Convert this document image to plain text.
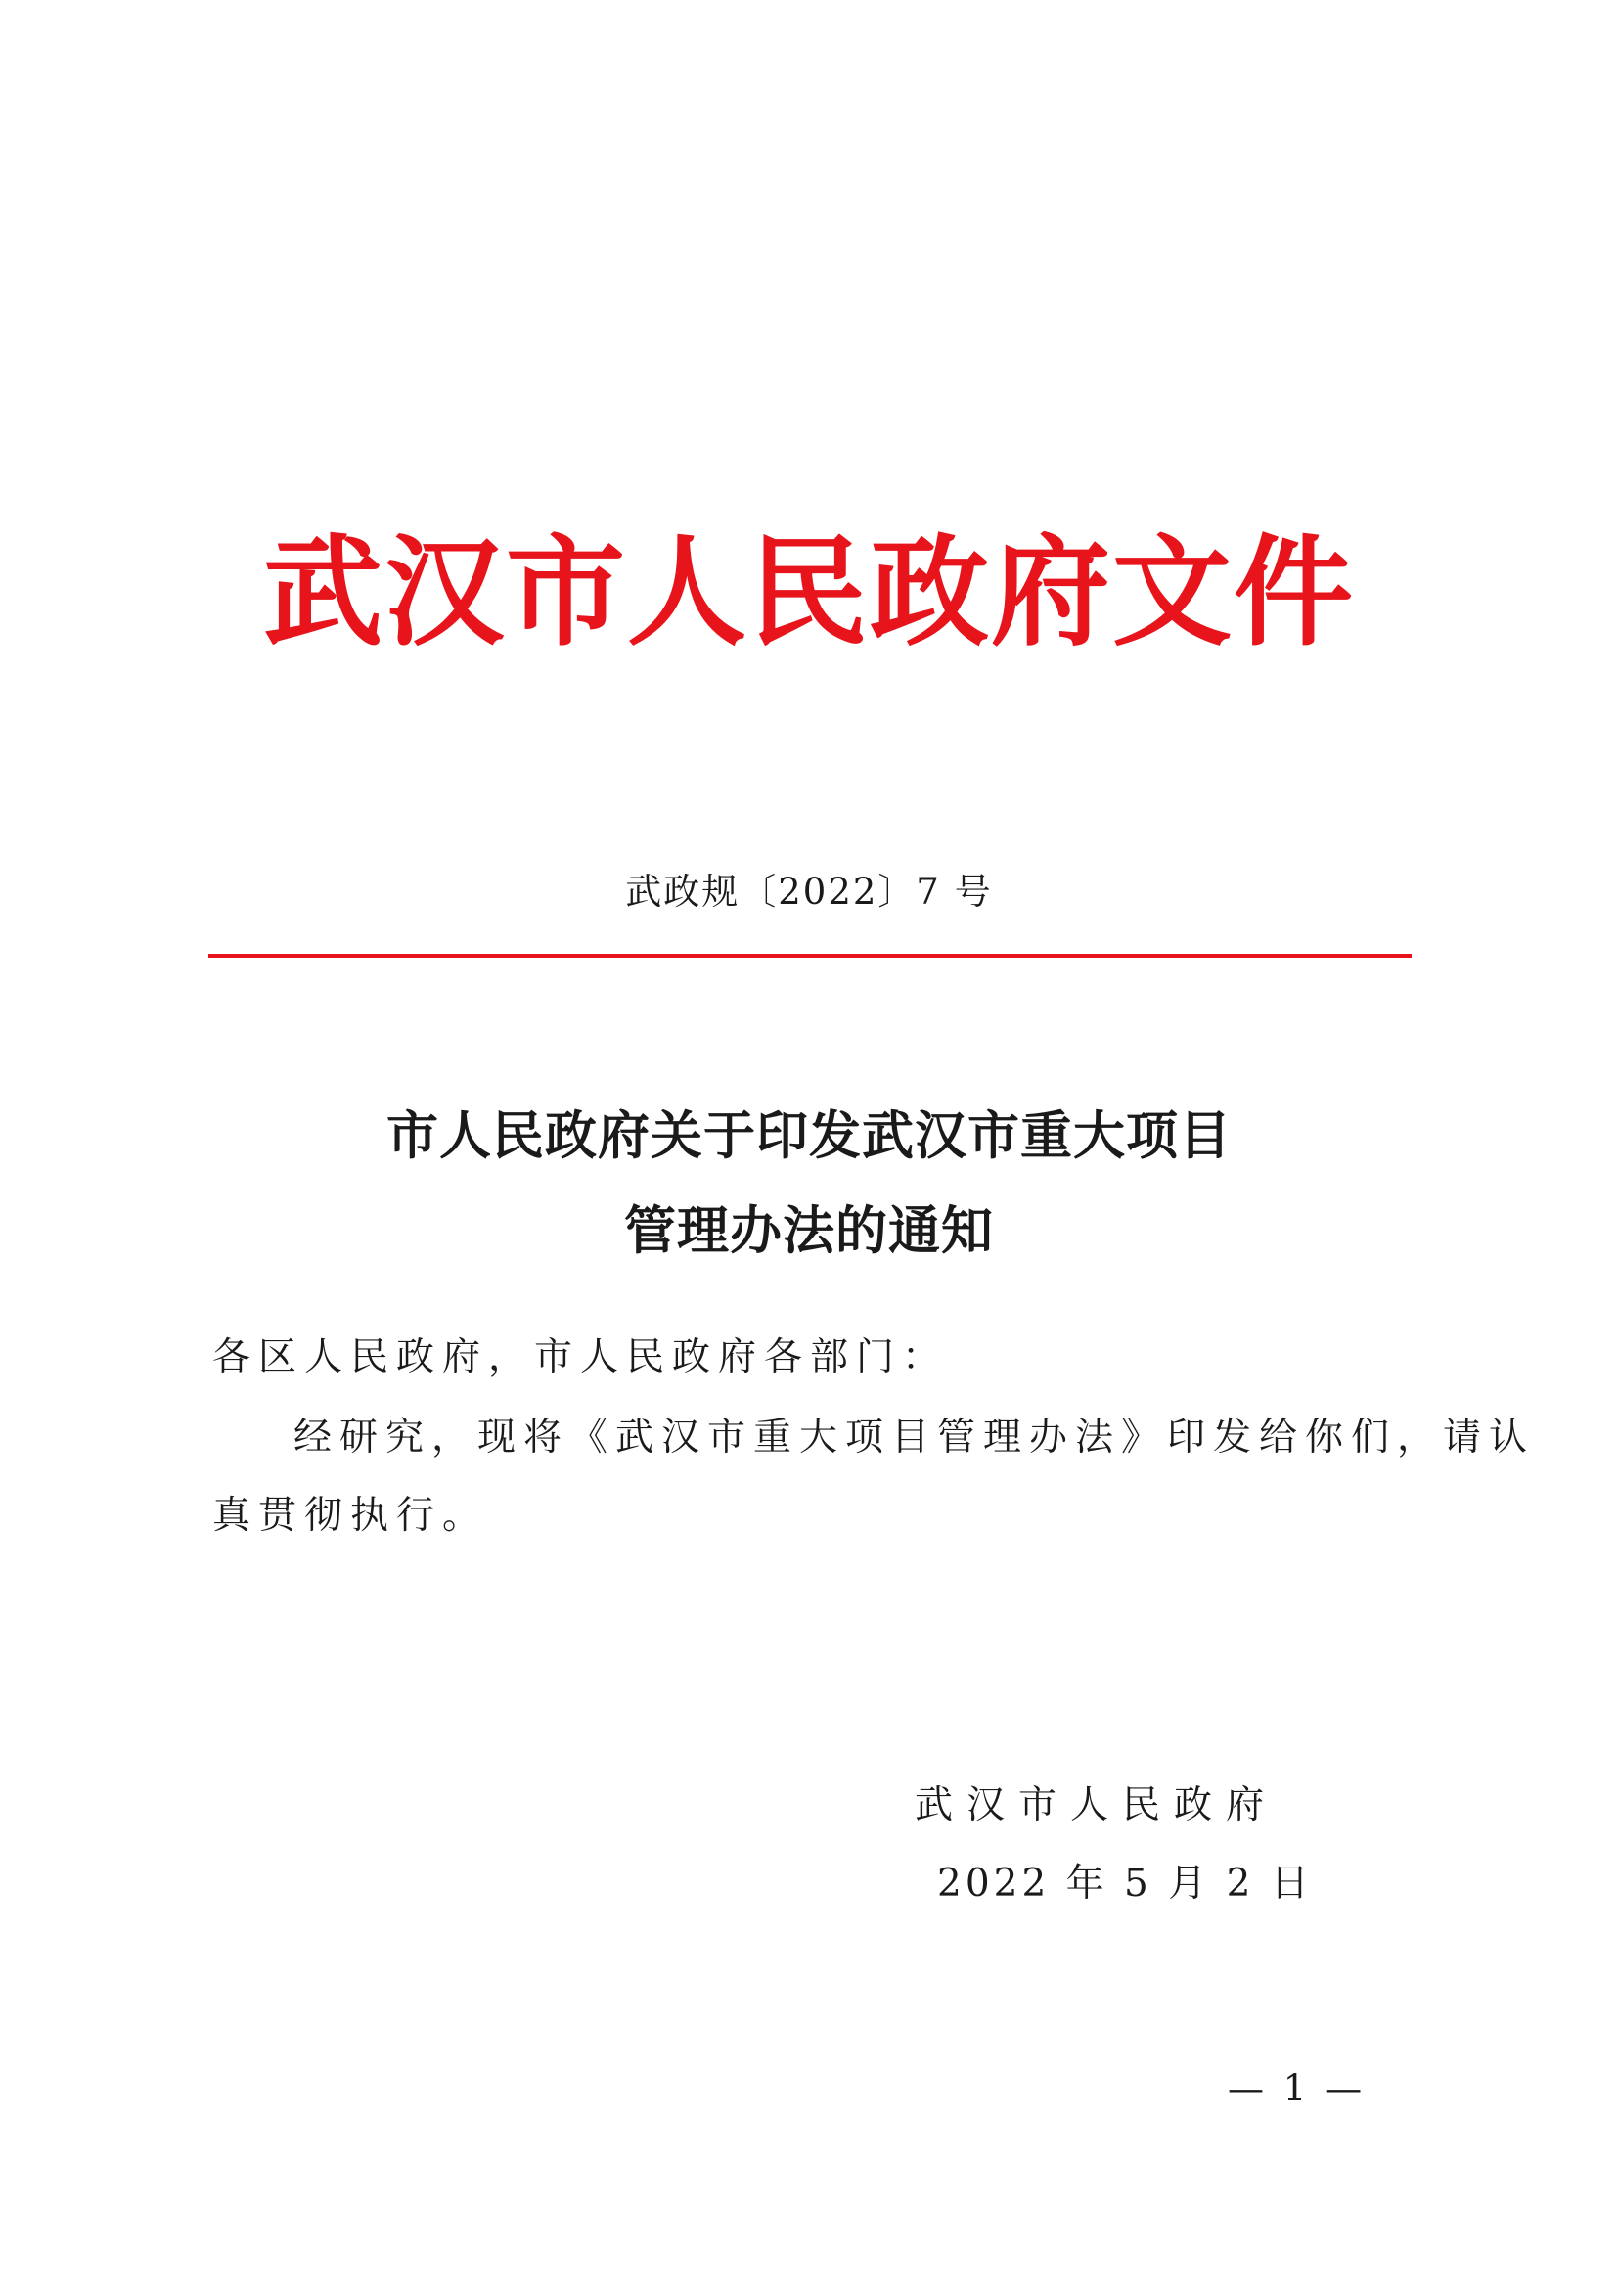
武汉市人民政府文件
武政规〔2022〕7 号
市人民政府关于印发武汉市重大项目
管理办法的通知
各区人民政府，市人民政府各部门：
经研究，现将《武汉市重大项目管理办法》印发给你们，请认
真贯彻执行。
武汉市人民政府
2022 年 5 月 2 日
— 1 —
